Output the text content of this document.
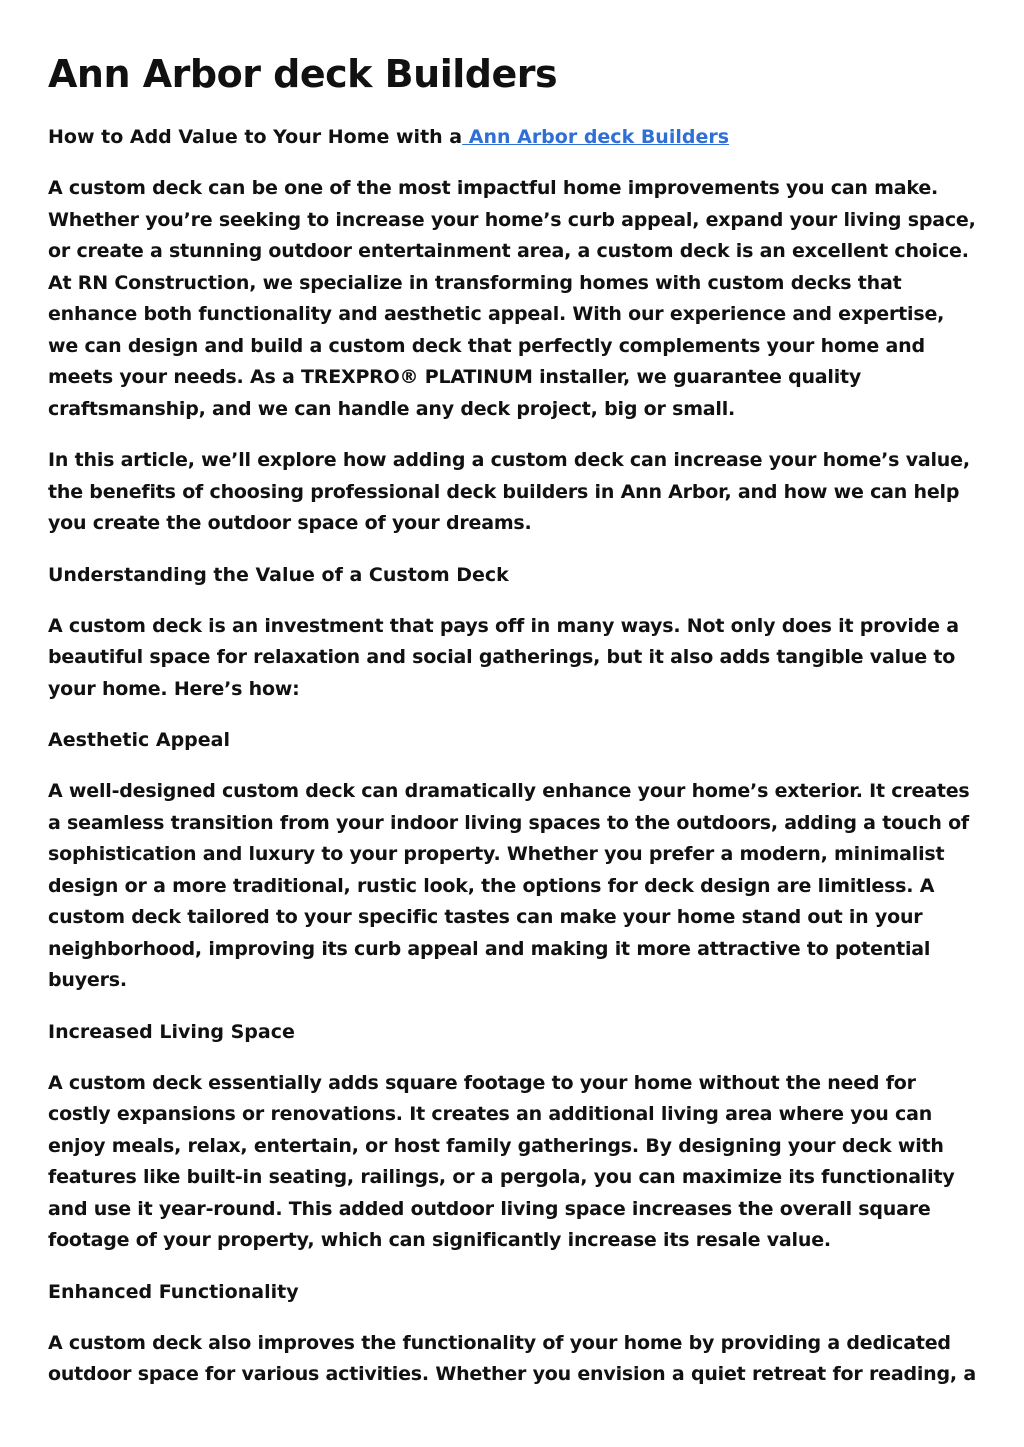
Ann Arbor deck Builders

How to Add Value to Your Home with a Ann Arbor deck Builders

A custom deck can be one of the most impactful home improvements you can make. Whether you’re seeking to increase your home’s curb appeal, expand your living space, or create a stunning outdoor entertainment area, a custom deck is an excellent choice. At RN Construction, we specialize in transforming homes with custom decks that enhance both functionality and aesthetic appeal. With our experience and expertise, we can design and build a custom deck that perfectly complements your home and meets your needs. As a TREXPRO® PLATINUM installer, we guarantee quality craftsmanship, and we can handle any deck project, big or small.

In this article, we’ll explore how adding a custom deck can increase your home’s value, the benefits of choosing professional deck builders in Ann Arbor, and how we can help you create the outdoor space of your dreams.

Understanding the Value of a Custom Deck

A custom deck is an investment that pays off in many ways. Not only does it provide a beautiful space for relaxation and social gatherings, but it also adds tangible value to your home. Here’s how:

Aesthetic Appeal

A well-designed custom deck can dramatically enhance your home’s exterior. It creates a seamless transition from your indoor living spaces to the outdoors, adding a touch of sophistication and luxury to your property. Whether you prefer a modern, minimalist design or a more traditional, rustic look, the options for deck design are limitless. A custom deck tailored to your specific tastes can make your home stand out in your neighborhood, improving its curb appeal and making it more attractive to potential buyers.

Increased Living Space

A custom deck essentially adds square footage to your home without the need for costly expansions or renovations. It creates an additional living area where you can enjoy meals, relax, entertain, or host family gatherings. By designing your deck with features like built-in seating, railings, or a pergola, you can maximize its functionality and use it year-round. This added outdoor living space increases the overall square footage of your property, which can significantly increase its resale value.

Enhanced Functionality

A custom deck also improves the functionality of your home by providing a dedicated outdoor space for various activities. Whether you envision a quiet retreat for reading, a
